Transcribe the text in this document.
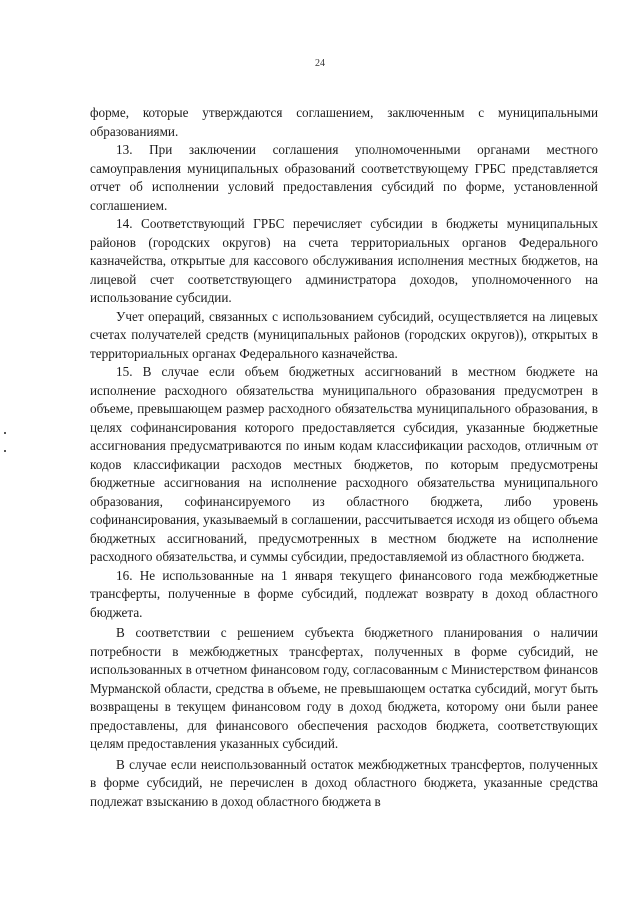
24

форме, которые утверждаются соглашением, заключенным с муниципальными образованиями.

13. При заключении соглашения уполномоченными органами местного самоуправления муниципальных образований соответствующему ГРБС представляется отчет об исполнении условий предоставления субсидий по форме, установленной соглашением.

14. Соответствующий ГРБС перечисляет субсидии в бюджеты муниципальных районов (городских округов) на счета территориальных органов Федерального казначейства, открытые для кассового обслуживания исполнения местных бюджетов, на лицевой счет соответствующего администратора доходов, уполномоченного на использование субсидии.

Учет операций, связанных с использованием субсидий, осуществляется на лицевых счетах получателей средств (муниципальных районов (городских округов)), открытых в территориальных органах Федерального казначейства.

15. В случае если объем бюджетных ассигнований в местном бюджете на исполнение расходного обязательства муниципального образования предусмотрен в объеме, превышающем размер расходного обязательства муниципального образования, в целях софинансирования которого предоставляется субсидия, указанные бюджетные ассигнования предусматриваются по иным кодам классификации расходов, отличным от кодов классификации расходов местных бюджетов, по которым предусмотрены бюджетные ассигнования на исполнение расходного обязательства муниципального образования, софинансируемого из областного бюджета, либо уровень софинансирования, указываемый в соглашении, рассчитывается исходя из общего объема бюджетных ассигнований, предусмотренных в местном бюджете на исполнение расходного обязательства, и суммы субсидии, предоставляемой из областного бюджета.

16. Не использованные на 1 января текущего финансового года межбюджетные трансферты, полученные в форме субсидий, подлежат возврату в доход областного бюджета.

В соответствии с решением субъекта бюджетного планирования о наличии потребности в межбюджетных трансфертах, полученных в форме субсидий, не использованных в отчетном финансовом году, согласованным с Министерством финансов Мурманской области, средства в объеме, не превышающем остатка субсидий, могут быть возвращены в текущем финансовом году в доход бюджета, которому они были ранее предоставлены, для финансового обеспечения расходов бюджета, соответствующих целям предоставления указанных субсидий.

В случае если неиспользованный остаток межбюджетных трансфертов, полученных в форме субсидий, не перечислен в доход областного бюджета, указанные средства подлежат взысканию в доход областного бюджета в
